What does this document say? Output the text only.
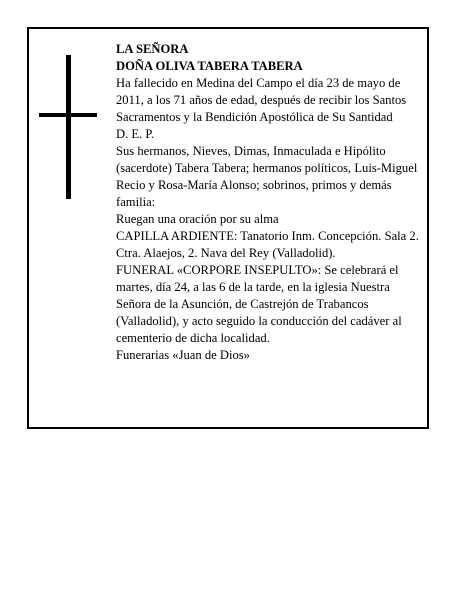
LA SEÑORA

DOÑA OLIVA TABERA TABERA

Ha fallecido en Medina del Campo el día 23 de mayo de 2011, a los 71 años de edad, después de recibir los Santos Sacramentos y la Bendición Apostólica de Su Santidad

D. E. P.

Sus hermanos, Nieves, Dimas, Inmaculada e Hipólito (sacerdote) Tabera Tabera; hermanos políticos, Luis-Miguel Recio y Rosa-María Alonso; sobrinos, primos y demás familia:

Ruegan una oración por su alma

CAPILLA ARDIENTE: Tanatorio Inm. Concepción. Sala 2. Ctra. Alaejos, 2. Nava del Rey (Valladolid).

FUNERAL «CORPORE INSEPULTO»: Se celebrará el martes, día 24, a las 6 de la tarde, en la iglesia Nuestra Señora de la Asunción, de Castrejón de Trabancos (Valladolid), y acto seguido la conducción del cadáver al cementerio de dicha localidad.

Funerarias «Juan de Dios»
